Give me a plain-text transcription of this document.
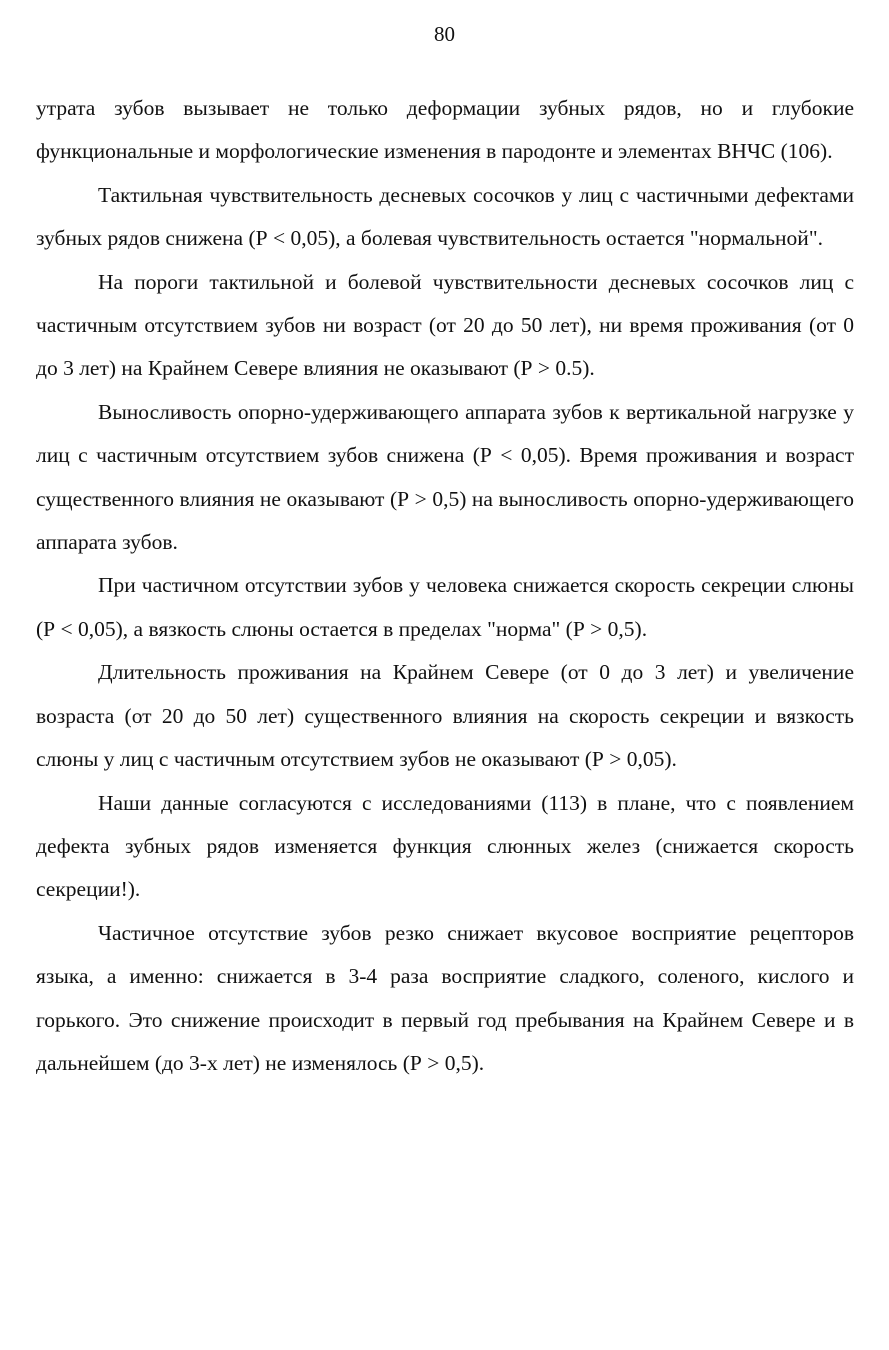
80

утрата зубов вызывает не только деформации зубных рядов, но и глубокие функциональные и морфологические изменения в пародонте и элементах ВНЧС (106).

Тактильная чувствительность десневых сосочков у лиц с частичными дефектами зубных рядов снижена (Р < 0,05), а болевая чувствительность остается "нормальной".

На пороги тактильной и болевой чувствительности десневых сосочков лиц с частичным отсутствием зубов ни возраст (от 20 до 50 лет), ни время проживания (от 0 до 3 лет) на Крайнем Севере влияния не оказывают (Р > 0.5).

Выносливость опорно-удерживающего аппарата зубов к вертикальной нагрузке у лиц с частичным отсутствием зубов снижена (Р < 0,05). Время проживания и возраст существенного влияния не оказывают (Р > 0,5) на выносливость опорно-удерживающего аппарата зубов.

При частичном отсутствии зубов у человека снижается скорость секреции слюны (Р < 0,05), а вязкость слюны остается в пределах "норма" (Р > 0,5).

Длительность проживания на Крайнем Севере (от 0 до 3 лет) и увеличение возраста (от 20 до 50 лет) существенного влияния на скорость секреции и вязкость слюны у лиц с частичным отсутствием зубов не оказывают (Р > 0,05).

Наши данные согласуются с исследованиями (113) в плане, что с появлением дефекта зубных рядов изменяется функция слюнных желез (снижается скорость секреции!).

Частичное отсутствие зубов резко снижает вкусовое восприятие рецепторов языка, а именно: снижается в 3-4 раза восприятие сладкого, соленого, кислого и горького. Это снижение происходит в первый год пребывания на Крайнем Севере и в дальнейшем (до 3-х лет) не изменялось (Р > 0,5).
